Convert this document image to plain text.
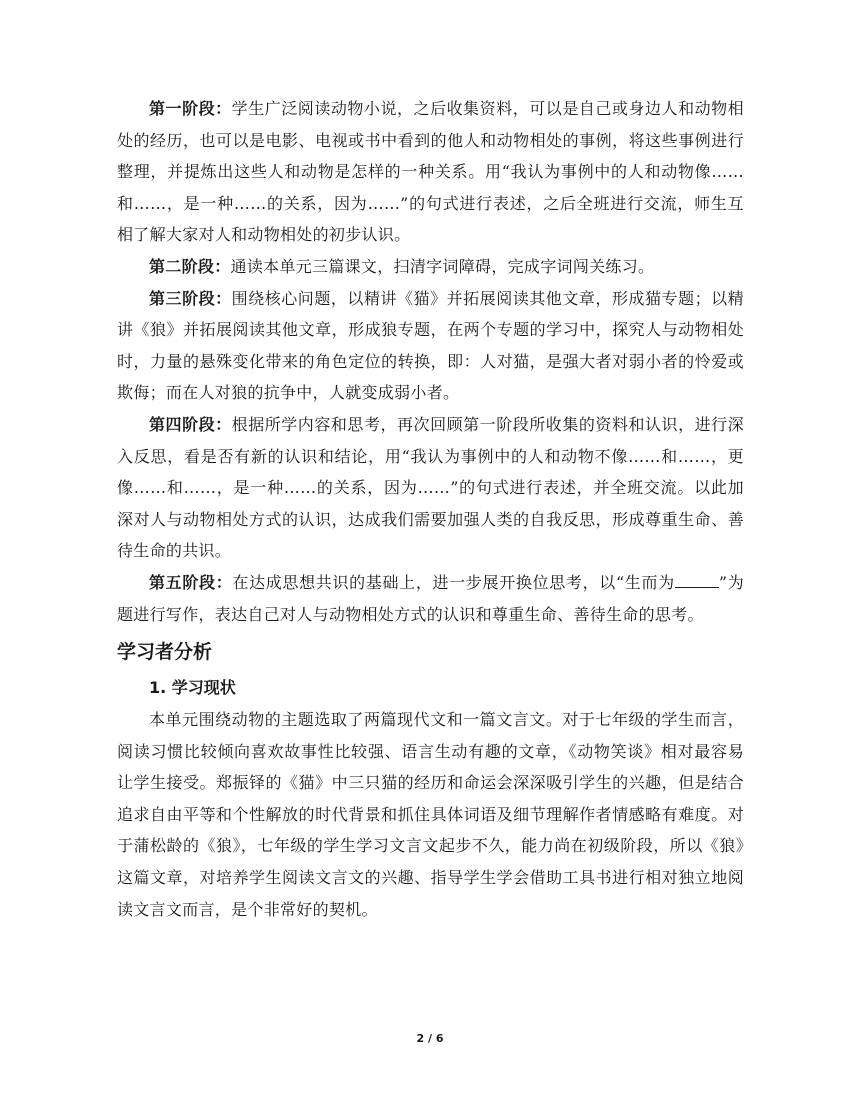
第一阶段：学生广泛阅读动物小说，之后收集资料，可以是自己或身边人和动物相处的经历，也可以是电影、电视或书中看到的他人和动物相处的事例，将这些事例进行整理，并提炼出这些人和动物是怎样的一种关系。用“我认为事例中的人和动物像……和……，是一种……的关系，因为……”的句式进行表述，之后全班进行交流，师生互相了解大家对人和动物相处的初步认识。

第二阶段：通读本单元三篇课文，扫清字词障碍，完成字词闯关练习。

第三阶段：围绕核心问题，以精讲《猫》并拓展阅读其他文章，形成猫专题；以精讲《狼》并拓展阅读其他文章，形成狼专题，在两个专题的学习中，探究人与动物相处时，力量的悬殊变化带来的角色定位的转换，即：人对猫，是强大者对弱小者的怜爱或欺侮；而在人对狼的抗争中，人就变成弱小者。

第四阶段：根据所学内容和思考，再次回顾第一阶段所收集的资料和认识，进行深入反思，看是否有新的认识和结论，用“我认为事例中的人和动物不像……和……，更像……和……，是一种……的关系，因为……”的句式进行表述，并全班交流。以此加深对人与动物相处方式的认识，达成我们需要加强人类的自我反思，形成尊重生命、善待生命的共识。

第五阶段：在达成思想共识的基础上，进一步展开换位思考，以“生而为	”为题进行写作，表达自己对人与动物相处方式的认识和尊重生命、善待生命的思考。

学习者分析
1. 学习现状

本单元围绕动物的主题选取了两篇现代文和一篇文言文。对于七年级的学生而言，阅读习惯比较倾向喜欢故事性比较强、语言生动有趣的文章，《动物笑谈》相对最容易让学生接受。郑振铎的《猫》中三只猫的经历和命运会深深吸引学生的兴趣，但是结合追求自由平等和个性解放的时代背景和抓住具体词语及细节理解作者情感略有难度。对于蒲松龄的《狼》，七年级的学生学习文言文起步不久，能力尚在初级阶段，所以《狼》这篇文章，对培养学生阅读文言文的兴趣、指导学生学会借助工具书进行相对独立地阅读文言文而言，是个非常好的契机。

2 / 6
